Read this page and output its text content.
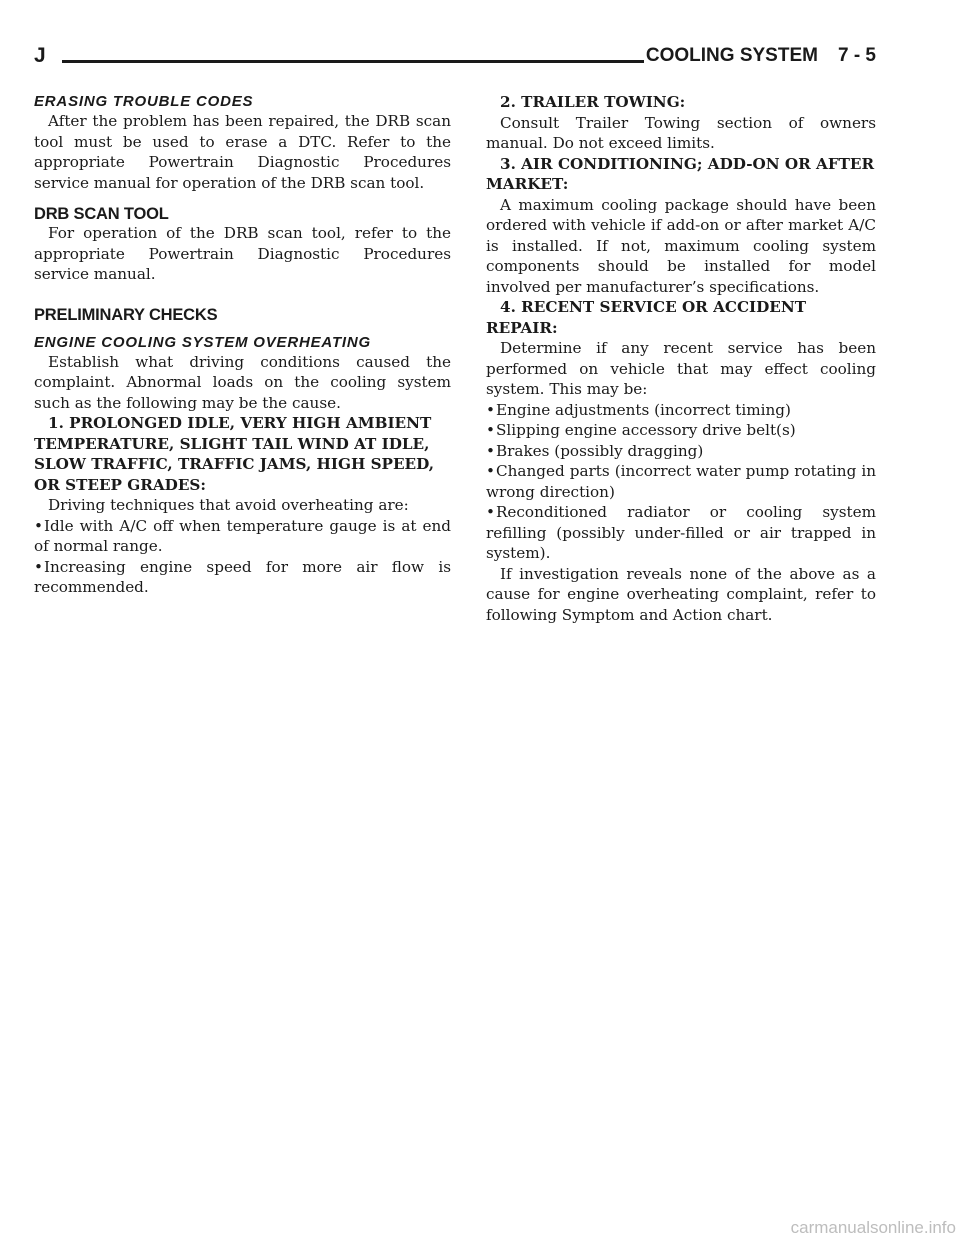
J	COOLING SYSTEM 7 - 5
ERASING TROUBLE CODES

After the problem has been repaired, the DRB scan tool must be used to erase a DTC. Refer to the appropriate Powertrain Diagnostic Procedures service manual for operation of the DRB scan tool.

DRB SCAN TOOL

For operation of the DRB scan tool, refer to the appropriate Powertrain Diagnostic Procedures service manual.

PRELIMINARY CHECKS
ENGINE COOLING SYSTEM OVERHEATING

Establish what driving conditions caused the complaint. Abnormal loads on the cooling system such as the following may be the cause.

1. PROLONGED IDLE, VERY HIGH AMBIENT TEMPERATURE, SLIGHT TAIL WIND AT IDLE, SLOW TRAFFIC, TRAFFIC JAMS, HIGH SPEED, OR STEEP GRADES:

Driving techniques that avoid overheating are:

•Idle with A/C off when temperature gauge is at end of normal range.
•Increasing engine speed for more air flow is recommended.

2. TRAILER TOWING:

Consult Trailer Towing section of owners manual. Do not exceed limits.

3. AIR CONDITIONING; ADD-ON OR AFTER MARKET:

A maximum cooling package should have been ordered with vehicle if add-on or after market A/C is installed. If not, maximum cooling system components should be installed for model involved per manufacturer’s specifications.

4. RECENT SERVICE OR ACCIDENT REPAIR:

Determine if any recent service has been performed on vehicle that may effect cooling system. This may be:

•Engine adjustments (incorrect timing)
•Slipping engine accessory drive belt(s)
•Brakes (possibly dragging)
•Changed parts (incorrect water pump rotating in wrong direction)
•Reconditioned radiator or cooling system refilling (possibly under-filled or air trapped in system).

If investigation reveals none of the above as a cause for engine overheating complaint, refer to following Symptom and Action chart.

carmanualsonline.info
